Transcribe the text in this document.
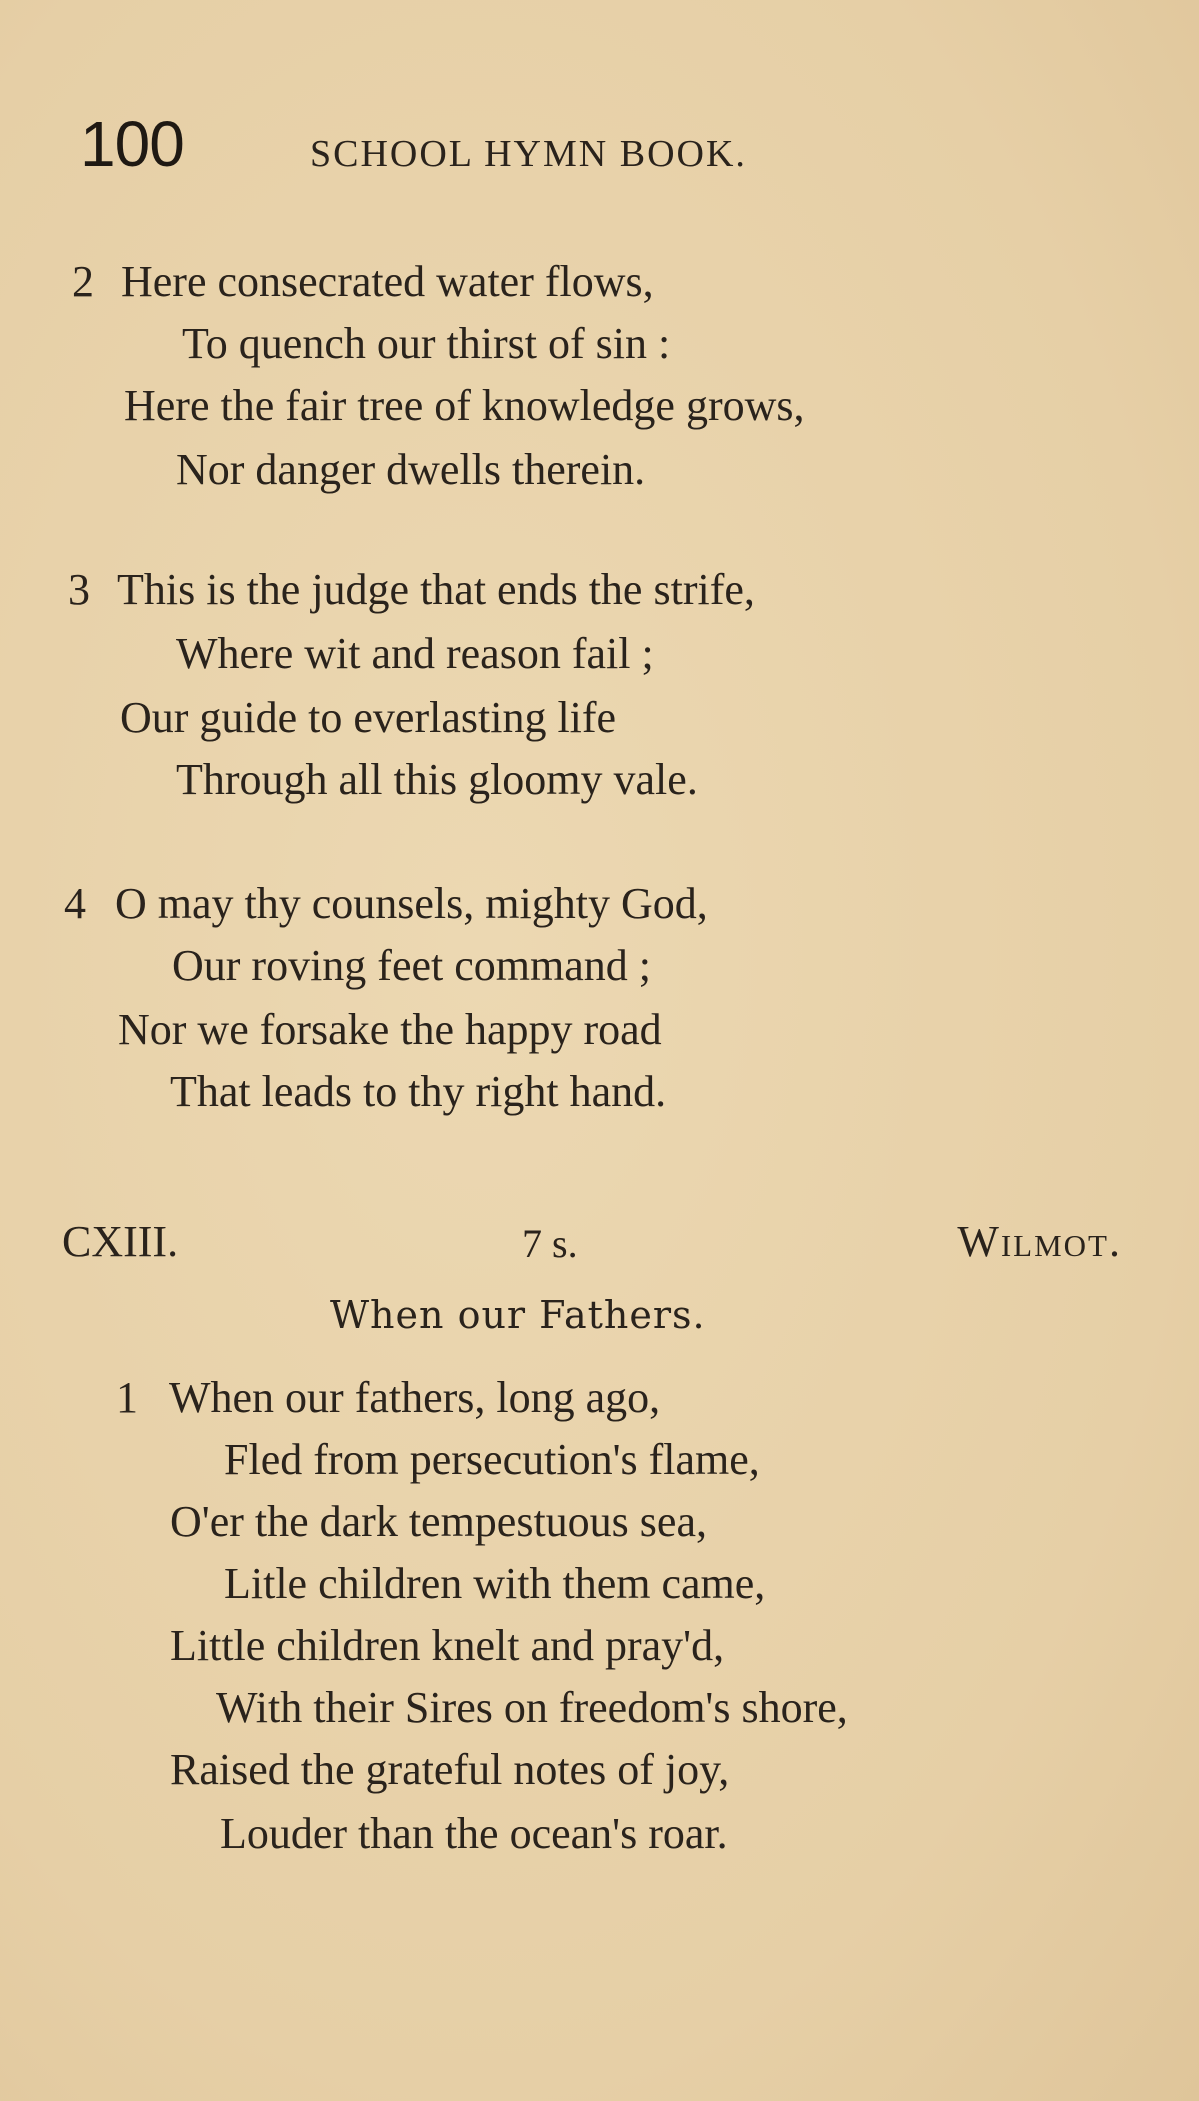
100	SCHOOL HYMN BOOK.
2 Here consecrated water flows,
To quench our thirst of sin :
Here the fair tree of knowledge grows,
Nor danger dwells therein.
3 This is the judge that ends the strife,
Where wit and reason fail ;
Our guide to everlasting life
Through all this gloomy vale.
4 O may thy counsels, mighty God,
Our roving feet command ;
Nor we forsake the happy road
That leads to thy right hand.
CXIII.	7 s.	Wilmot.
When our Fathers.
1 When our fathers, long ago,
Fled from persecution's flame,
O'er the dark tempestuous sea,
Litle children with them came,
Little children knelt and pray'd,
With their Sires on freedom's shore,
Raised the grateful notes of joy,
Louder than the ocean's roar.
